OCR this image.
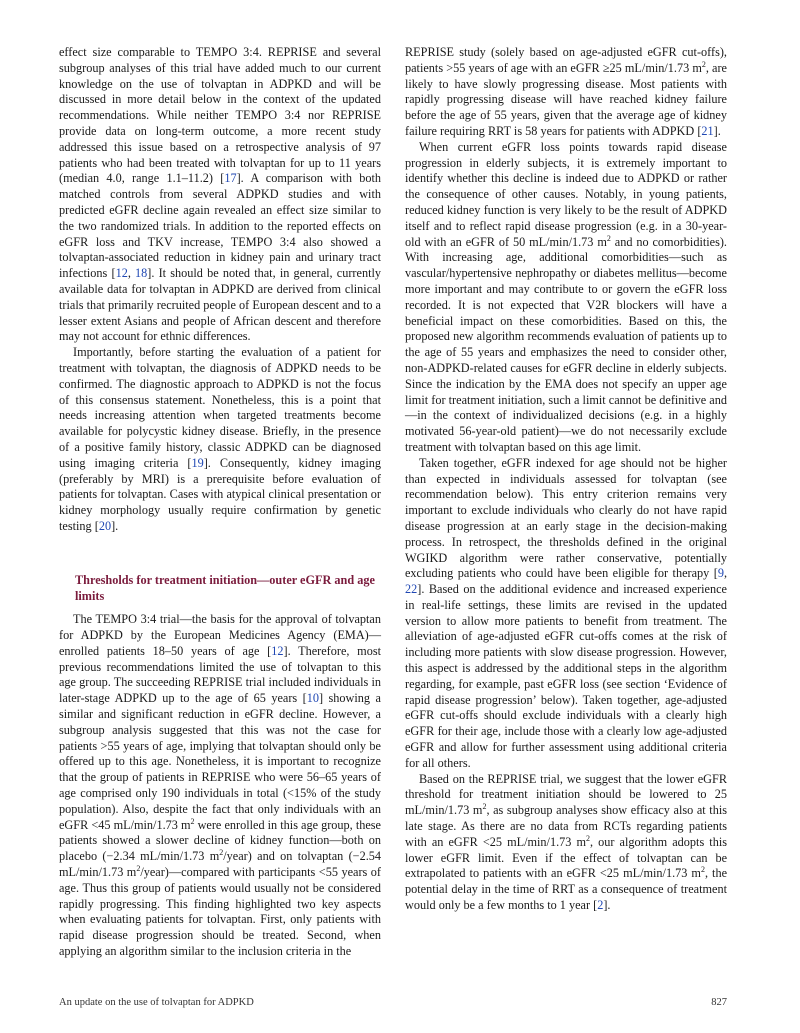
effect size comparable to TEMPO 3:4. REPRISE and several subgroup analyses of this trial have added much to our current knowledge on the use of tolvaptan in ADPKD and will be discussed in more detail below in the context of the updated recommendations. While neither TEMPO 3:4 nor REPRISE provide data on long-term outcome, a more recent study addressed this issue based on a retrospective analysis of 97 patients who had been treated with tolvaptan for up to 11 years (median 4.0, range 1.1–11.2) [17]. A comparison with both matched controls from several ADPKD studies and with predicted eGFR decline again revealed an effect size similar to the two randomized trials. In addition to the reported effects on eGFR loss and TKV increase, TEMPO 3:4 also showed a tolvaptan-associated reduction in kidney pain and urinary tract infections [12, 18]. It should be noted that, in general, currently available data for tolvaptan in ADPKD are derived from clinical trials that primarily recruited people of European descent and to a lesser extent Asians and people of African descent and therefore may not account for ethnic differences.

Importantly, before starting the evaluation of a patient for treatment with tolvaptan, the diagnosis of ADPKD needs to be confirmed. The diagnostic approach to ADPKD is not the focus of this consensus statement. Nonetheless, this is a point that needs increasing attention when targeted treatments become available for polycystic kidney disease. Briefly, in the presence of a positive family history, classic ADPKD can be diagnosed using imaging criteria [19]. Consequently, kidney imaging (preferably by MRI) is a prerequisite before evaluation of patients for tolvaptan. Cases with atypical clinical presentation or kidney morphology usually require confirmation by genetic testing [20].

Thresholds for treatment initiation—outer eGFR and age limits

The TEMPO 3:4 trial—the basis for the approval of tolvaptan for ADPKD by the European Medicines Agency (EMA)—enrolled patients 18–50 years of age [12]. Therefore, most previous recommendations limited the use of tolvaptan to this age group. The succeeding REPRISE trial included individuals in later-stage ADPKD up to the age of 65 years [10] showing a similar and significant reduction in eGFR decline. However, a subgroup analysis suggested that this was not the case for patients >55 years of age, implying that tolvaptan should only be offered up to this age. Nonetheless, it is important to recognize that the group of patients in REPRISE who were 56–65 years of age comprised only 190 individuals in total (<15% of the study population). Also, despite the fact that only individuals with an eGFR <45 mL/min/1.73 $m^2$ were enrolled in this age group, these patients showed a slower decline of kidney function—both on placebo (−2.34 mL/min/1.73 $m^2/year$) and on tolvaptan (−2.54 mL/min/1.73 $m^2/year)—compared$ with participants <55 years of age. Thus this group of patients would usually not be considered rapidly progressing. This finding highlighted two key aspects when evaluating patients for tolvaptan. First, only patients with rapid disease progression should be treated. Second, when applying an algorithm similar to the inclusion criteria in the

REPRISE study (solely based on age-adjusted eGFR cut-offs), patients >55 years of age with an eGFR ≥25 mL/min/1.73 $m^2$, are likely to have slowly progressing disease. Most patients with rapidly progressing disease will have reached kidney failure before the age of 55 years, given that the average age of kidney failure requiring RRT is 58 years for patients with ADPKD [21].

When current eGFR loss points towards rapid disease progression in elderly subjects, it is extremely important to identify whether this decline is indeed due to ADPKD or rather the consequence of other causes. Notably, in young patients, reduced kidney function is very likely to be the result of ADPKD itself and to reflect rapid disease progression (e.g. in a 30-year-old with an eGFR of 50 mL/min/1.73 $m^2$ and no comorbidities). With increasing age, additional comorbidities—such as vascular/hypertensive nephropathy or diabetes mellitus—become more important and may contribute to or govern the eGFR loss recorded. It is not expected that V2R blockers will have a beneficial impact on these comorbidities. Based on this, the proposed new algorithm recommends evaluation of patients up to the age of 55 years and emphasizes the need to consider other, non-ADPKD-related causes for eGFR decline in elderly subjects. Since the indication by the EMA does not specify an upper age limit for treatment initiation, such a limit cannot be definitive and—in the context of individualized decisions (e.g. in a highly motivated 56-year-old patient)—we do not necessarily exclude treatment with tolvaptan based on this age limit.

Taken together, eGFR indexed for age should not be higher than expected in individuals assessed for tolvaptan (see recommendation below). This entry criterion remains very important to exclude individuals who clearly do not have rapid disease progression at an early stage in the decision-making process. In retrospect, the thresholds defined in the original WGIKD algorithm were rather conservative, potentially excluding patients who could have been eligible for therapy [9, 22]. Based on the additional evidence and increased experience in real-life settings, these limits are revised in the updated version to allow more patients to benefit from treatment. The alleviation of age-adjusted eGFR cut-offs comes at the risk of including more patients with slow disease progression. However, this aspect is addressed by the additional steps in the algorithm regarding, for example, past eGFR loss (see section ‘Evidence of rapid disease progression’ below). Taken together, age-adjusted eGFR cut-offs should exclude individuals with a clearly high eGFR for their age, include those with a clearly low age-adjusted eGFR and allow for further assessment using additional criteria for all others.

Based on the REPRISE trial, we suggest that the lower eGFR threshold for treatment initiation should be lowered to 25 mL/min/1.73 $m^2$, as subgroup analyses show efficacy also at this late stage. As there are no data from RCTs regarding patients with an eGFR <25 mL/min/1.73 $m^2$, our algorithm adopts this lower eGFR limit. Even if the effect of tolvaptan can be extrapolated to patients with an eGFR <25 mL/min/1.73 $m^2$, the potential delay in the time of RRT as a consequence of treatment would only be a few months to 1 year [2].

An update on the use of tolvaptan for ADPKD	827
